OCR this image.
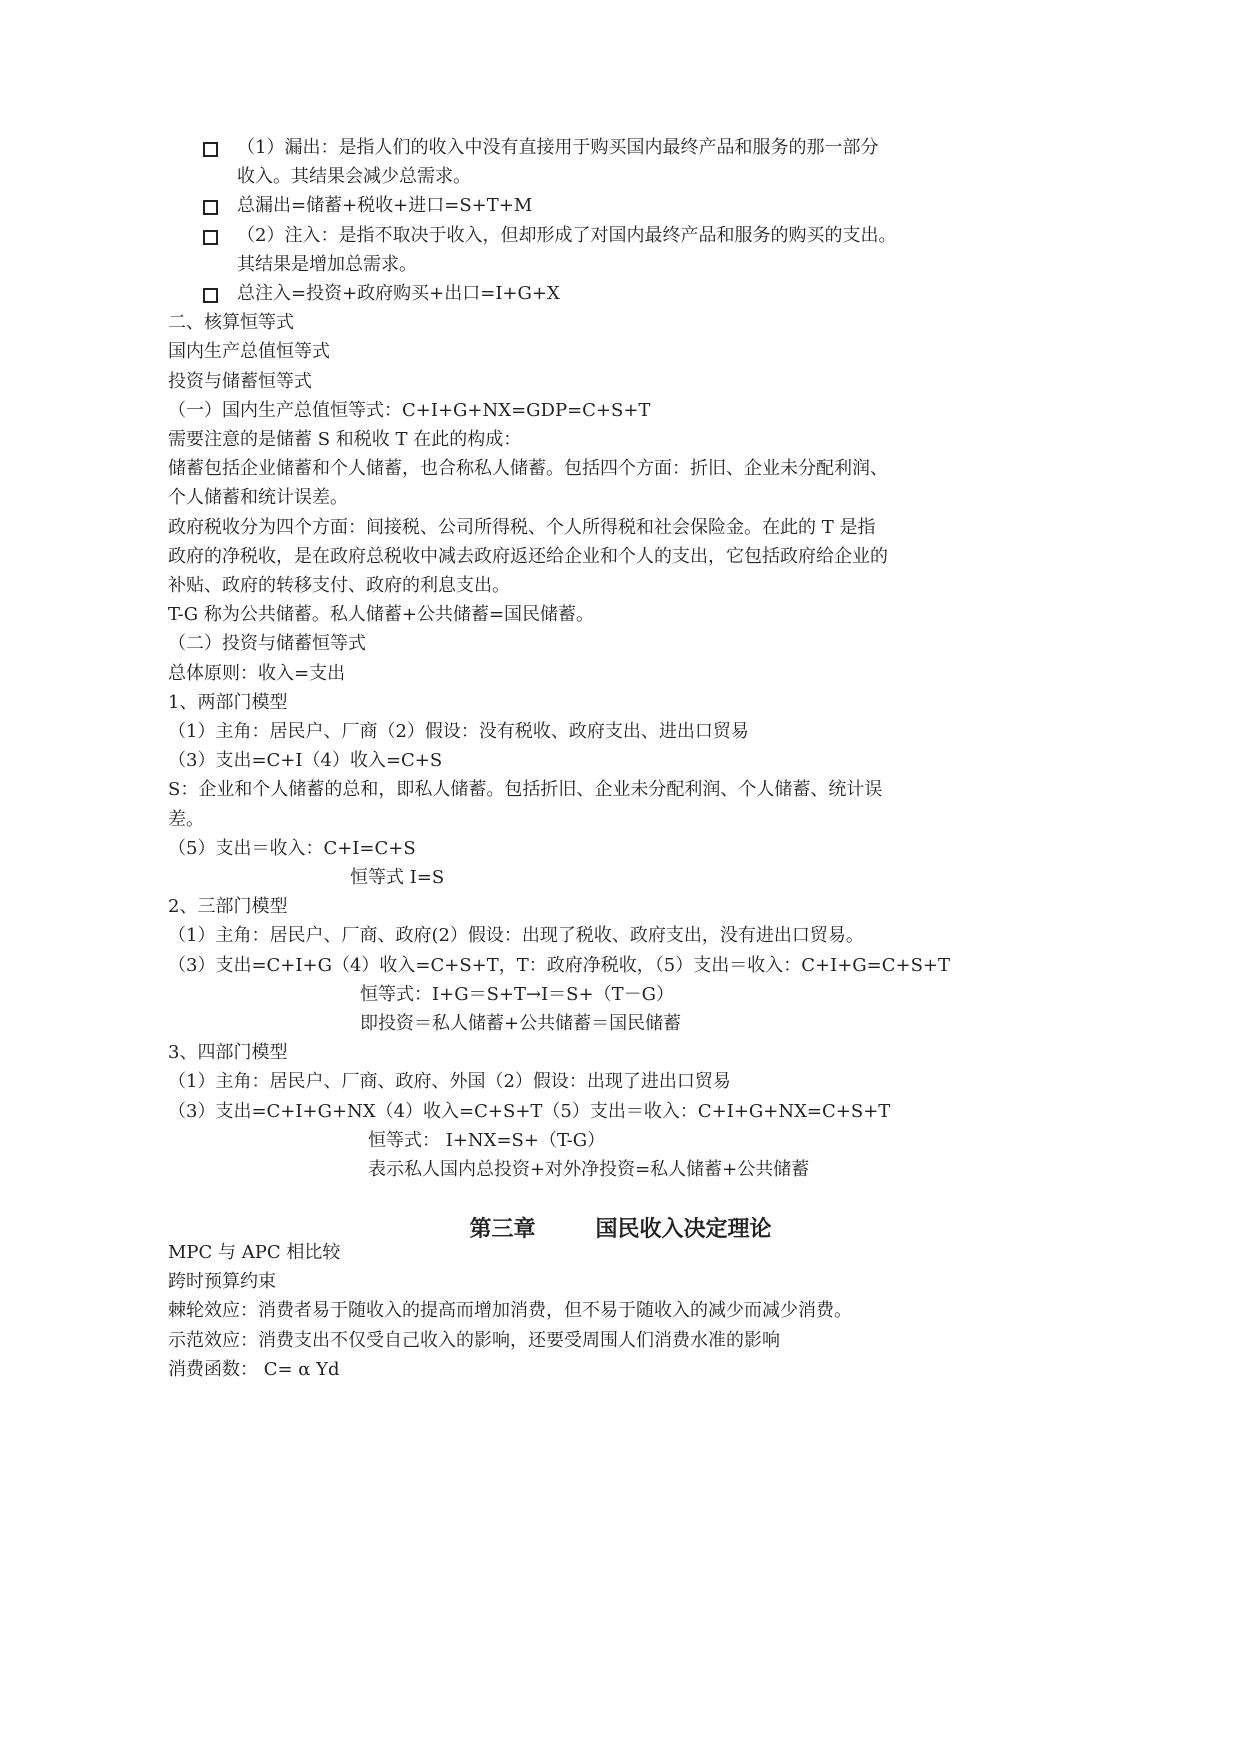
第三章	国民收入决定理论
（1）漏出：是指人们的收入中没有直接用于购买国内最终产品和服务的那一部分
收入。其结果会减少总需求。
总漏出=储蓄+税收+进口=S+T+M
（2）注入：是指不取决于收入，但却形成了对国内最终产品和服务的购买的支出。
其结果是增加总需求。
总注入=投资+政府购买+出口=I+G+X
二、核算恒等式
国内生产总值恒等式
投资与储蓄恒等式
（一）国内生产总值恒等式：C+I+G+NX=GDP=C+S+T
需要注意的是储蓄 S 和税收 T 在此的构成：
储蓄包括企业储蓄和个人储蓄，也合称私人储蓄。包括四个方面：折旧、企业未分配利润、
个人储蓄和统计误差。
政府税收分为四个方面：间接税、公司所得税、个人所得税和社会保险金。在此的 T 是指
政府的净税收，是在政府总税收中减去政府返还给企业和个人的支出，它包括政府给企业的
补贴、政府的转移支付、政府的利息支出。
T-G 称为公共储蓄。私人储蓄+公共储蓄=国民储蓄。
（二）投资与储蓄恒等式
总体原则：收入=支出
1、两部门模型
（1）主角：居民户、厂商（2）假设：没有税收、政府支出、进出口贸易
（3）支出=C+I（4）收入=C+S
S：企业和个人储蓄的总和，即私人储蓄。包括折旧、企业未分配利润、个人储蓄、统计误
差。
（5）支出＝收入：C+I=C+S
恒等式 I=S
2、三部门模型
（1）主角：居民户、厂商、政府(2）假设：出现了税收、政府支出，没有进出口贸易。
（3）支出=C+I+G（4）收入=C+S+T，T：政府净税收，（5）支出＝收入：C+I+G=C+S+T
恒等式：I+G＝S+T→I＝S+（T－G）
即投资＝私人储蓄+公共储蓄＝国民储蓄
3、四部门模型
（1）主角：居民户、厂商、政府、外国（2）假设：出现了进出口贸易
（3）支出=C+I+G+NX（4）收入=C+S+T（5）支出＝收入：C+I+G+NX=C+S+T
恒等式： I+NX=S+（T-G）
表示私人国内总投资+对外净投资=私人储蓄+公共储蓄
MPC 与 APC 相比较
跨时预算约束
棘轮效应：消费者易于随收入的提高而增加消费，但不易于随收入的减少而减少消费。
示范效应：消费支出不仅受自己收入的影响，还要受周围人们消费水准的影响
消费函数： C= α Yd
